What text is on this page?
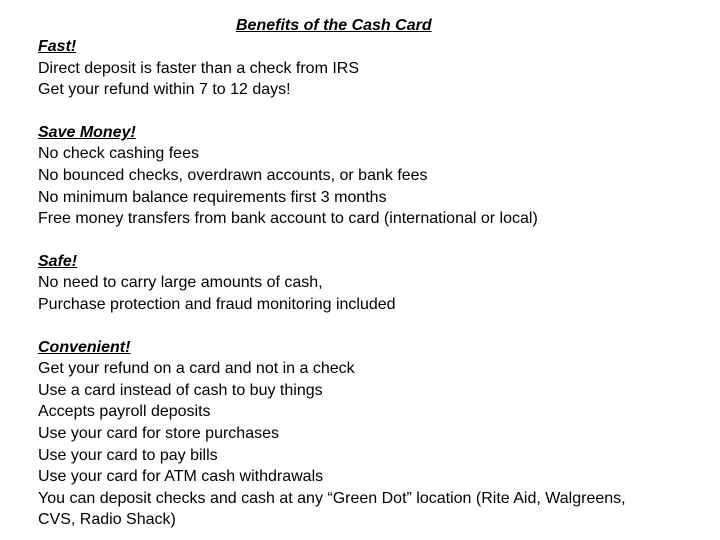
Benefits of the Cash Card
Fast!
Direct deposit is faster than a check from IRS
Get your refund within 7 to 12 days!
Save Money!
No check cashing fees
No bounced checks, overdrawn accounts, or bank fees
No minimum balance requirements first 3 months
Free money transfers from bank account to card (international or local)
Safe!
No need to carry large amounts of cash,
Purchase protection and fraud monitoring included
Convenient!
Get your refund on a card and not in a check
Use a card instead of cash to buy things
Accepts payroll deposits
Use your card for store purchases
Use your card to pay bills
Use your card for ATM cash withdrawals
You can deposit checks and cash at any “Green Dot” location (Rite Aid, Walgreens,
CVS, Radio Shack)
